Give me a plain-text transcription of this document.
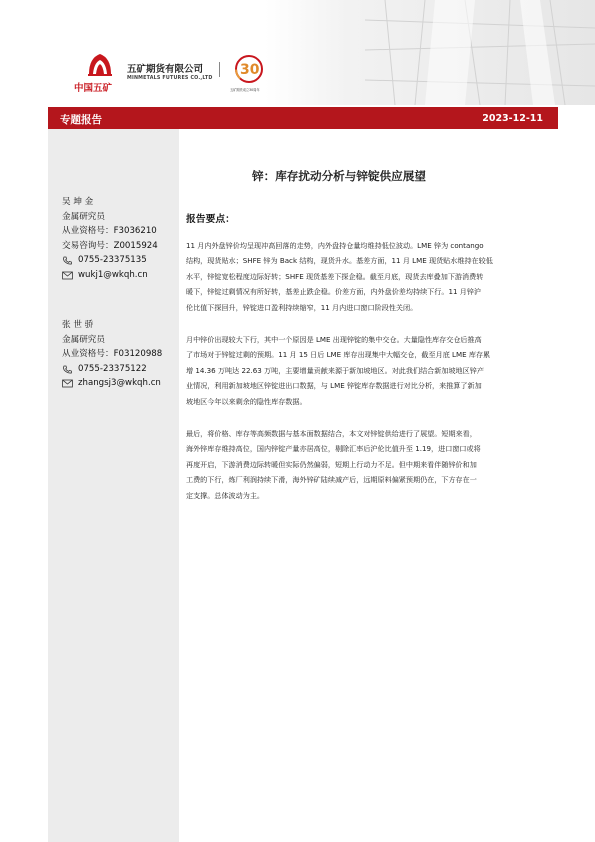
中国五矿
五矿期货有限公司
MINMETALS FUTURES CO.,LTD
30
五矿期货成立30周年
专题报告	2023-12-11
吴 坤 金
金属研究员
从业资格号：F3036210
交易咨询号：Z0015924
0755-23375135
wukj1@wkqh.cn
张 世 骄
金属研究员
从业资格号：F03120988
0755-23375122
zhangsj3@wkqh.cn
锌：库存扰动分析与锌锭供应展望
报告要点：

11 月内外盘锌价均呈现冲高回落的走势，内外盘持仓量均维持低位波动。LME 锌为 contango

结构，现货贴水；SHFE 锌为 Back 结构，现货升水。基差方面，11 月 LME 现货贴水维持在较低

水平，锌锭宽松程度边际好转；SHFE 现货基差下探企稳。截至月底，现货去库叠加下游消费转

暖下，锌锭过剩情况有所好转，基差止跌企稳。价差方面，内外盘价差均持续下行。11 月锌沪

伦比值下探回升，锌锭进口盈利持续缩窄，11 月内进口窗口阶段性关闭。

月中锌价出现较大下行，其中一个原因是 LME 出现锌锭的集中交仓。大量隐性库存交仓后推高

了市场对于锌锭过剩的预期。11 月 15 日后 LME 库存出现集中大幅交仓，截至月底 LME 库存累

增 14.36 万吨达 22.63 万吨，主要增量贡献来源于新加坡地区。对此我们结合新加坡地区锌产

业情况，利用新加坡地区锌锭进出口数据，与 LME 锌锭库存数据进行对比分析，来推算了新加

坡地区今年以来剩余的隐性库存数据。

最后，将价格、库存等高频数据与基本面数据结合，本文对锌锭供给进行了展望。短期来看，

海外锌库存维持高位，国内锌锭产量亦居高位，剔除汇率后沪伦比值升至 1.19，进口窗口或将

再度开启，下游消费边际转暖但实际仍然偏弱，短期上行动力不足。但中期来看伴随锌价和加

工费的下行，炼厂利润持续下滑，海外锌矿陆续减产后，远期原料偏紧预期仍在，下方存在一

定支撑。总体波动为主。
